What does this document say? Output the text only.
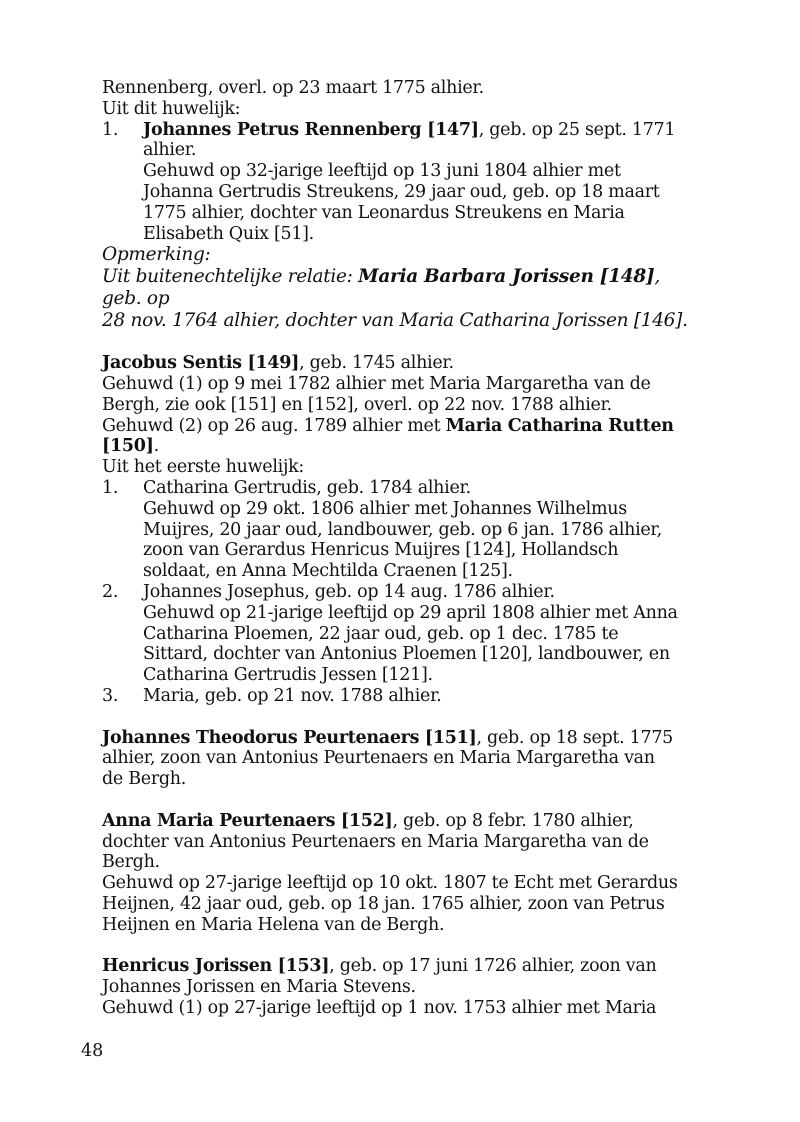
Rennenberg, overl. op 23 maart 1775 alhier.

Uit dit huwelijk:

1. Johannes Petrus Rennenberg [147], geb. op 25 sept. 1771

alhier.

Gehuwd op 32-jarige leeftijd op 13 juni 1804 alhier met

Johanna Gertrudis Streukens, 29 jaar oud, geb. op 18 maart

1775 alhier, dochter van Leonardus Streukens en Maria

Elisabeth Quix [51].

Opmerking:

Uit buitenechtelijke relatie: Maria Barbara Jorissen [148], geb. op

28 nov. 1764 alhier, dochter van Maria Catharina Jorissen [146].

Jacobus Sentis [149], geb. 1745 alhier.

Gehuwd (1) op 9 mei 1782 alhier met Maria Margaretha van de

Bergh, zie ook [151] en [152], overl. op 22 nov. 1788 alhier.

Gehuwd (2) op 26 aug. 1789 alhier met Maria Catharina Rutten

[150].

Uit het eerste huwelijk:

1. Catharina Gertrudis, geb. 1784 alhier.

Gehuwd op 29 okt. 1806 alhier met Johannes Wilhelmus

Muijres, 20 jaar oud, landbouwer, geb. op 6 jan. 1786 alhier,

zoon van Gerardus Henricus Muijres [124], Hollandsch

soldaat, en Anna Mechtilda Craenen [125].

2. Johannes Josephus, geb. op 14 aug. 1786 alhier.

Gehuwd op 21-jarige leeftijd op 29 april 1808 alhier met Anna

Catharina Ploemen, 22 jaar oud, geb. op 1 dec. 1785 te

Sittard, dochter van Antonius Ploemen [120], landbouwer, en

Catharina Gertrudis Jessen [121].

3. Maria, geb. op 21 nov. 1788 alhier.

Johannes Theodorus Peurtenaers [151], geb. op 18 sept. 1775

alhier, zoon van Antonius Peurtenaers en Maria Margaretha van

de Bergh.

Anna Maria Peurtenaers [152], geb. op 8 febr. 1780 alhier,

dochter van Antonius Peurtenaers en Maria Margaretha van de

Bergh.

Gehuwd op 27-jarige leeftijd op 10 okt. 1807 te Echt met Gerardus

Heijnen, 42 jaar oud, geb. op 18 jan. 1765 alhier, zoon van Petrus

Heijnen en Maria Helena van de Bergh.

Henricus Jorissen [153], geb. op 17 juni 1726 alhier, zoon van

Johannes Jorissen en Maria Stevens.

Gehuwd (1) op 27-jarige leeftijd op 1 nov. 1753 alhier met Maria

48
